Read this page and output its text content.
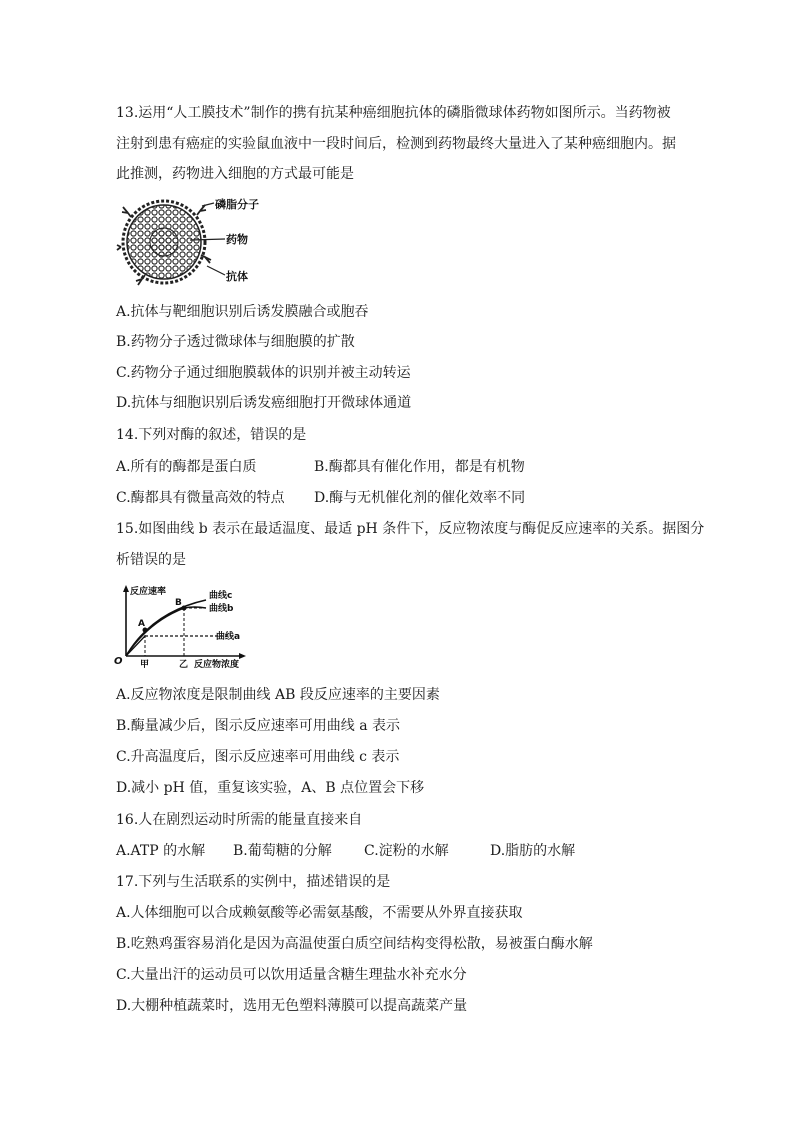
13.运用“人工膜技术”制作的携有抗某种癌细胞抗体的磷脂微球体药物如图所示。当药物被
注射到患有癌症的实验鼠血液中一段时间后，检测到药物最终大量进入了某种癌细胞内。据
此推测，药物进入细胞的方式最可能是
磷脂分子
药物
抗体
A.抗体与靶细胞识别后诱发膜融合或胞吞
B.药物分子透过微球体与细胞膜的扩散
C.药物分子通过细胞膜载体的识别并被主动转运
D.抗体与细胞识别后诱发癌细胞打开微球体通道
14.下列对酶的叙述，错误的是
A.所有的酶都是蛋白质	B.酶都具有催化作用，都是有机物
C.酶都具有微量高效的特点 D.酶与无机催化剂的催化效率不同
15.如图曲线 b 表示在最适温度、最适 pH 条件下，反应物浓度与酶促反应速率的关系。据图分
析错误的是
反应速率
O
A
B
曲线c
曲线b
曲线a
甲	乙 反应物浓度
A.反应物浓度是限制曲线 AB 段反应速率的主要因素
B.酶量减少后，图示反应速率可用曲线 a 表示
C.升高温度后，图示反应速率可用曲线 c 表示
D.减小 pH 值，重复该实验，A、B 点位置会下移
16.人在剧烈运动时所需的能量直接来自
A.ATP 的水解 B.葡萄糖的分解 C.淀粉的水解	D.脂肪的水解
17.下列与生活联系的实例中，描述错误的是
A.人体细胞可以合成赖氨酸等必需氨基酸，不需要从外界直接获取
B.吃熟鸡蛋容易消化是因为高温使蛋白质空间结构变得松散，易被蛋白酶水解
C.大量出汗的运动员可以饮用适量含糖生理盐水补充水分
D.大棚种植蔬菜时，选用无色塑料薄膜可以提高蔬菜产量
